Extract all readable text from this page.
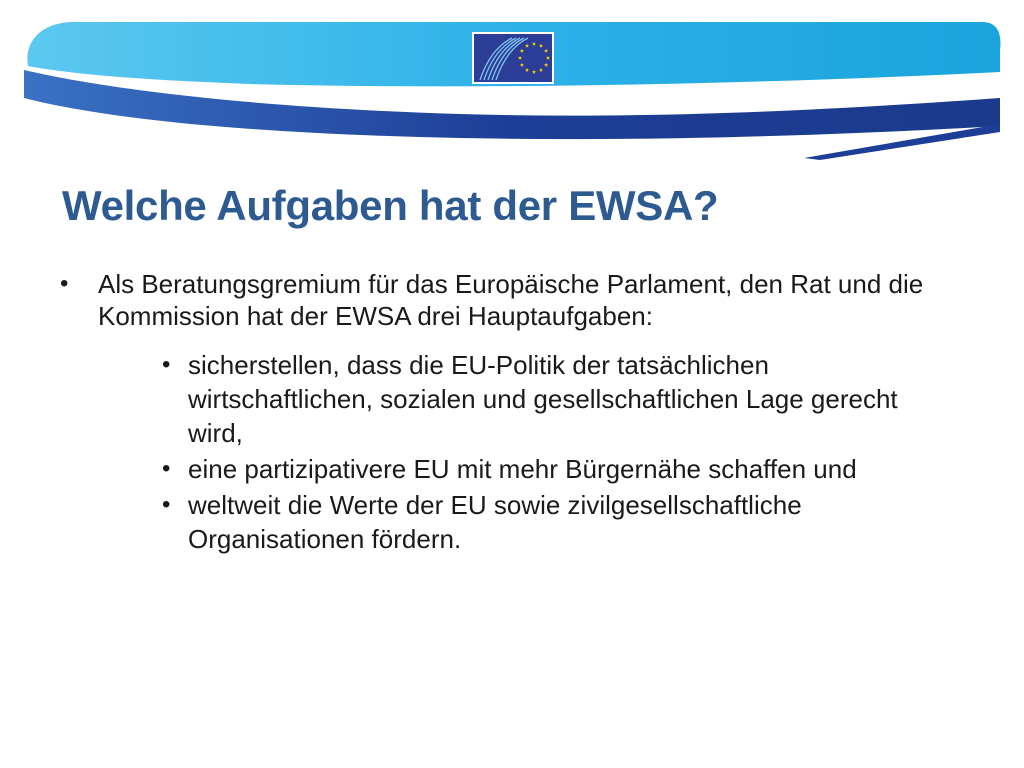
Europäischer Wirtschafts- und Sozialausschuss
Welche Aufgaben hat der EWSA?

•	Als Beratungsgremium für das Europäische Parlament, den Rat und die Kommission hat der EWSA drei Hauptaufgaben:

• sicherstellen, dass die EU-Politik der tatsächlichen wirtschaftlichen, sozialen und gesellschaftlichen Lage gerecht wird,
• eine partizipativere EU mit mehr Bürgernähe schaffen und
• weltweit die Werte der EU sowie zivilgesellschaftliche Organisationen fördern.
